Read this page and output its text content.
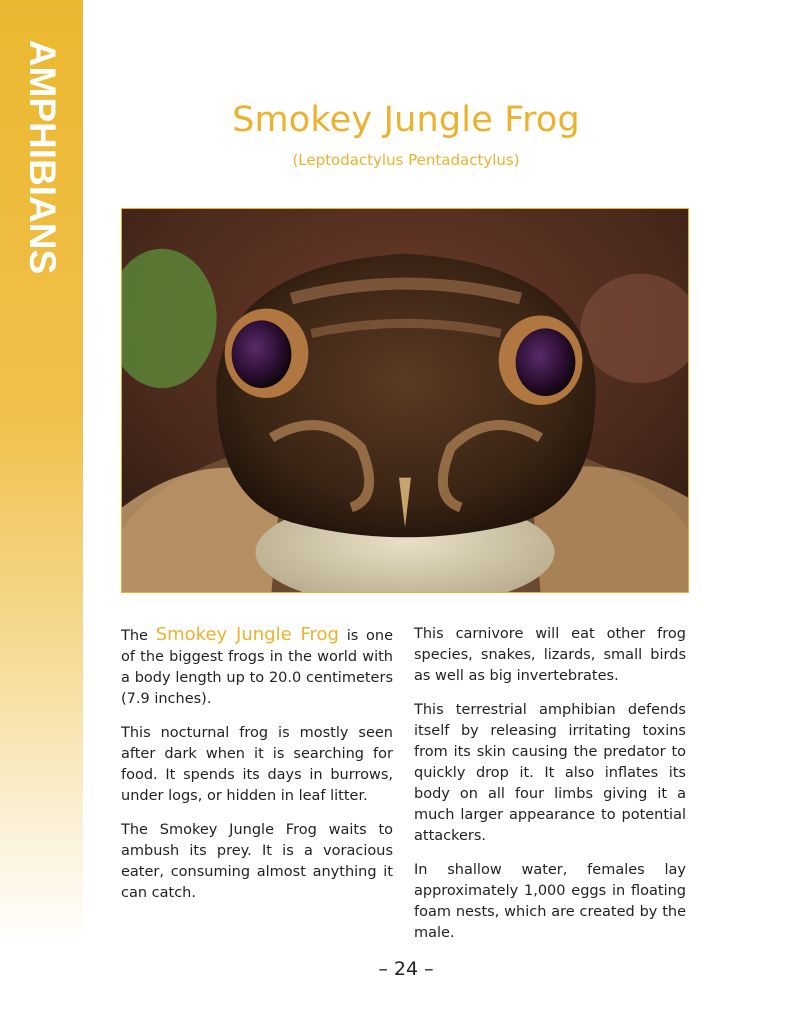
AMPHIBIANS	Smokey Jungle Frog
(Leptodactylus Pentadactylus)

The Smokey Jungle Frog is one of the biggest frogs in the world with a body length up to 20.0 centimeters (7.9 inches).

This nocturnal frog is mostly seen after dark when it is searching for food. It spends its days in burrows, under logs, or hidden in leaf litter.

The Smokey Jungle Frog waits to ambush its prey. It is a voracious eater, consuming almost anything it can catch.

This carnivore will eat other frog species, snakes, lizards, small birds as well as big invertebrates.

This terrestrial amphibian defends itself by releasing irritating toxins from its skin causing the predator to quickly drop it. It also inflates its body on all four limbs giving it a much larger appearance to potential attackers.

In shallow water, females lay approximately 1,000 eggs in floating foam nests, which are created by the male.

– 24 –
